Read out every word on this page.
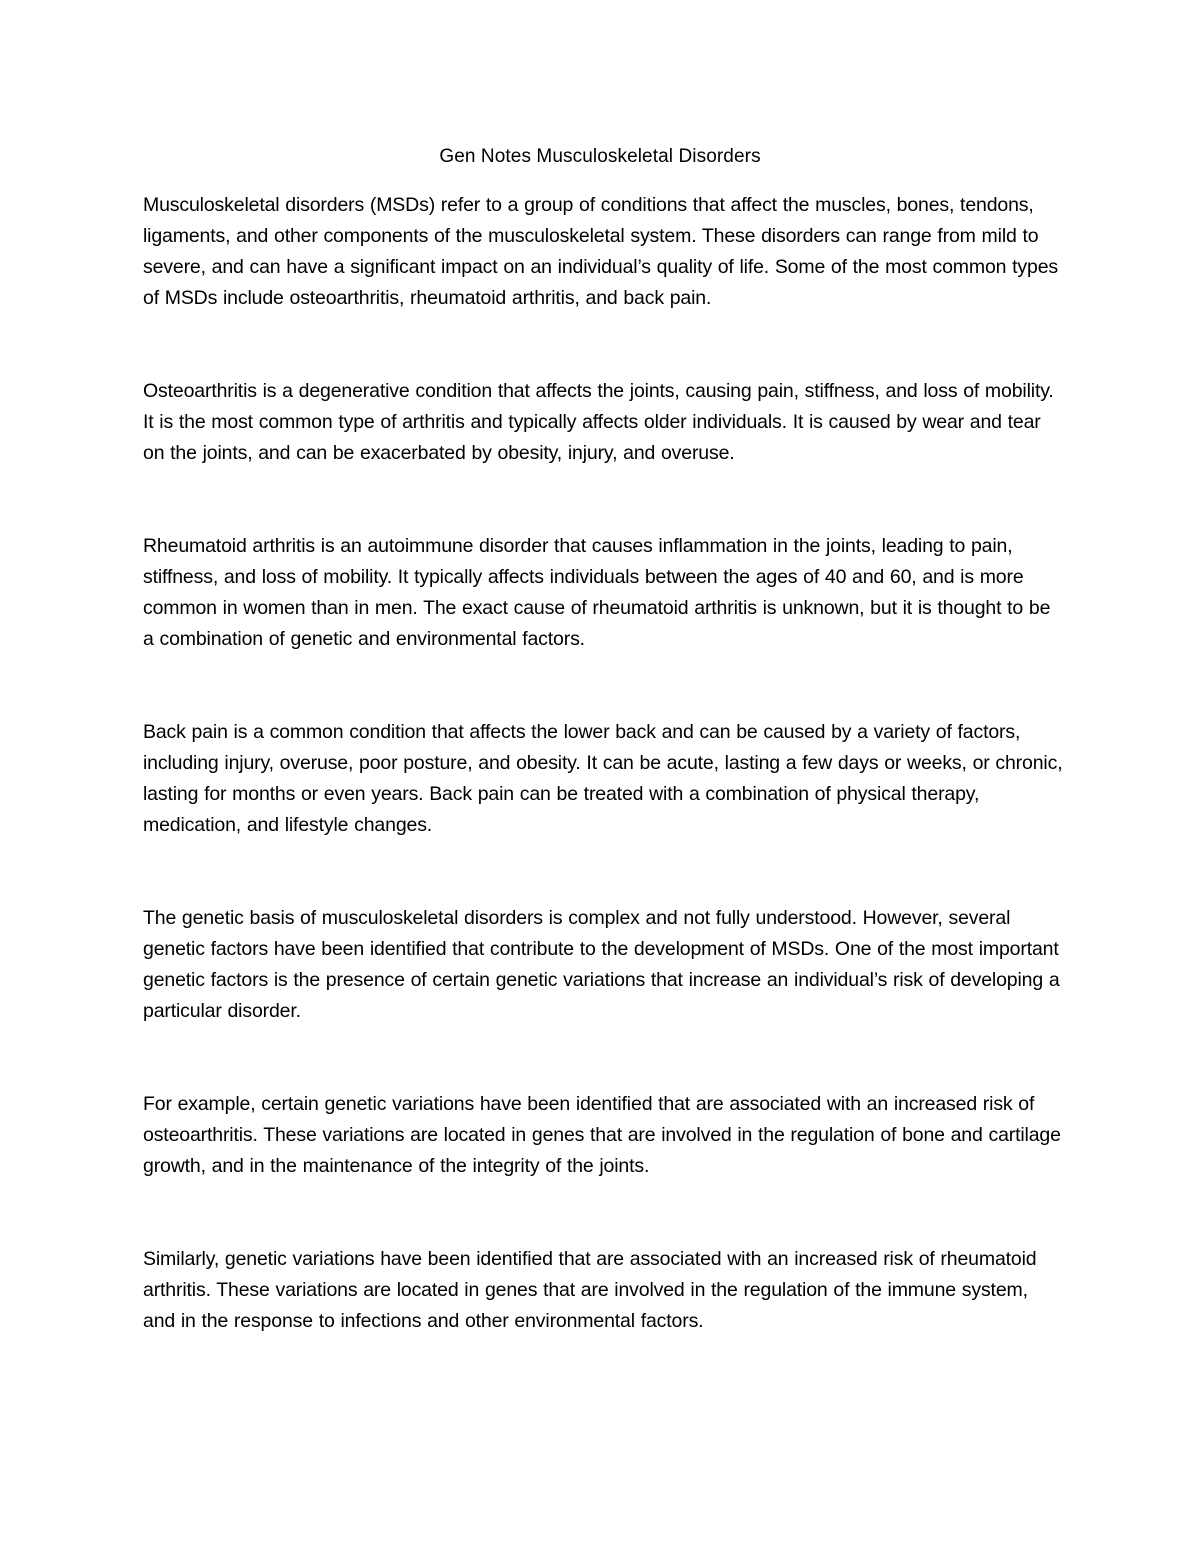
Gen Notes Musculoskeletal Disorders

Musculoskeletal disorders (MSDs) refer to a group of conditions that affect the muscles, bones, tendons, ligaments, and other components of the musculoskeletal system. These disorders can range from mild to severe, and can have a significant impact on an individual’s quality of life. Some of the most common types of MSDs include osteoarthritis, rheumatoid arthritis, and back pain.

Osteoarthritis is a degenerative condition that affects the joints, causing pain, stiffness, and loss of mobility. It is the most common type of arthritis and typically affects older individuals. It is caused by wear and tear on the joints, and can be exacerbated by obesity, injury, and overuse.

Rheumatoid arthritis is an autoimmune disorder that causes inflammation in the joints, leading to pain, stiffness, and loss of mobility. It typically affects individuals between the ages of 40 and 60, and is more common in women than in men. The exact cause of rheumatoid arthritis is unknown, but it is thought to be a combination of genetic and environmental factors.

Back pain is a common condition that affects the lower back and can be caused by a variety of factors, including injury, overuse, poor posture, and obesity. It can be acute, lasting a few days or weeks, or chronic, lasting for months or even years. Back pain can be treated with a combination of physical therapy, medication, and lifestyle changes.

The genetic basis of musculoskeletal disorders is complex and not fully understood. However, several genetic factors have been identified that contribute to the development of MSDs. One of the most important genetic factors is the presence of certain genetic variations that increase an individual’s risk of developing a particular disorder.

For example, certain genetic variations have been identified that are associated with an increased risk of osteoarthritis. These variations are located in genes that are involved in the regulation of bone and cartilage growth, and in the maintenance of the integrity of the joints.

Similarly, genetic variations have been identified that are associated with an increased risk of rheumatoid arthritis. These variations are located in genes that are involved in the regulation of the immune system, and in the response to infections and other environmental factors.
